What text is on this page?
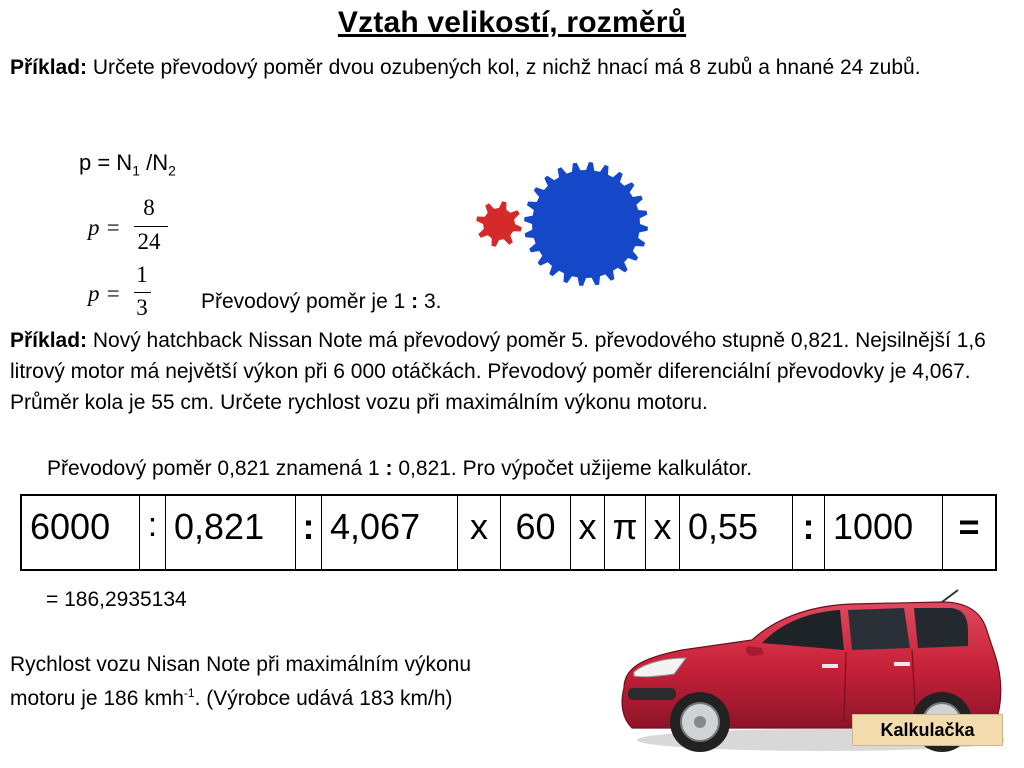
Vztah velikostí, rozměrů
Příklad: Určete převodový poměr dvou ozubených kol, z nichž hnací má 8 zubů a hnané 24 zubů.
$p = N_1$ $/N_2$
p =
8
24
p =
1
3	Převodový poměr je 1 : 3.
Příklad: Nový hatchback Nissan Note má převodový poměr 5. převodového stupně 0,821. Nejsilnější 1,6 litrový motor má největší výkon při 6 000 otáčkách. Převodový poměr diferenciální převodovky je 4,067. Průměr kola je 55 cm. Určete rychlost vozu při maximálním výkonu motoru.
Převodový poměr 0,821 znamená 1 : 0,821. Pro výpočet užijeme kalkulátor.
6000	: 0,821	: 4,067	x 60 x π x 0,55	: 1000	=
= 186,2935134
Rychlost vozu Nisan Note při maximálním výkonu
motoru je 186 kmh$^{-1}$. (Výrobce udává 183 km/h)
Kalkulačka
